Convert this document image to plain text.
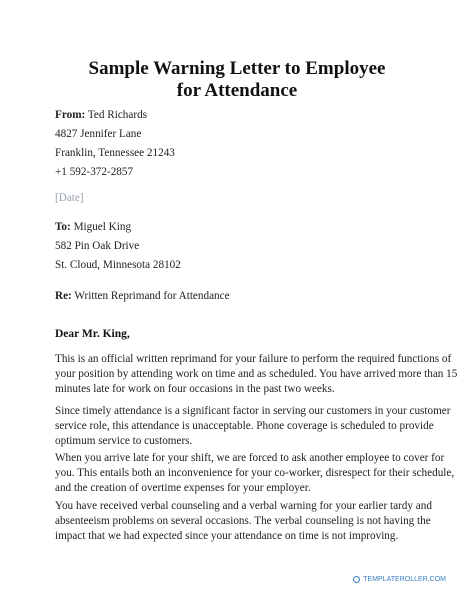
Sample Warning Letter to Employee
for Attendance
From: Ted Richards
4827 Jennifer Lane
Franklin, Tennessee 21243
+1 592-372-2857
[Date]
To: Miguel King
582 Pin Oak Drive
St. Cloud, Minnesota 28102
Re: Written Reprimand for Attendance
Dear Mr. King,
This is an official written reprimand for your failure to perform the required functions of
your position by attending work on time and as scheduled. You have arrived more than 15
minutes late for work on four occasions in the past two weeks.
Since timely attendance is a significant factor in serving our customers in your customer
service role, this attendance is unacceptable. Phone coverage is scheduled to provide
optimum service to customers.
When you arrive late for your shift, we are forced to ask another employee to cover for
you. This entails both an inconvenience for your co-worker, disrespect for their schedule,
and the creation of overtime expenses for your employer.
You have received verbal counseling and a verbal warning for your earlier tardy and
absenteeism problems on several occasions. The verbal counseling is not having the
impact that we had expected since your attendance on time is not improving.
TEMPLATEROLLER.COM
